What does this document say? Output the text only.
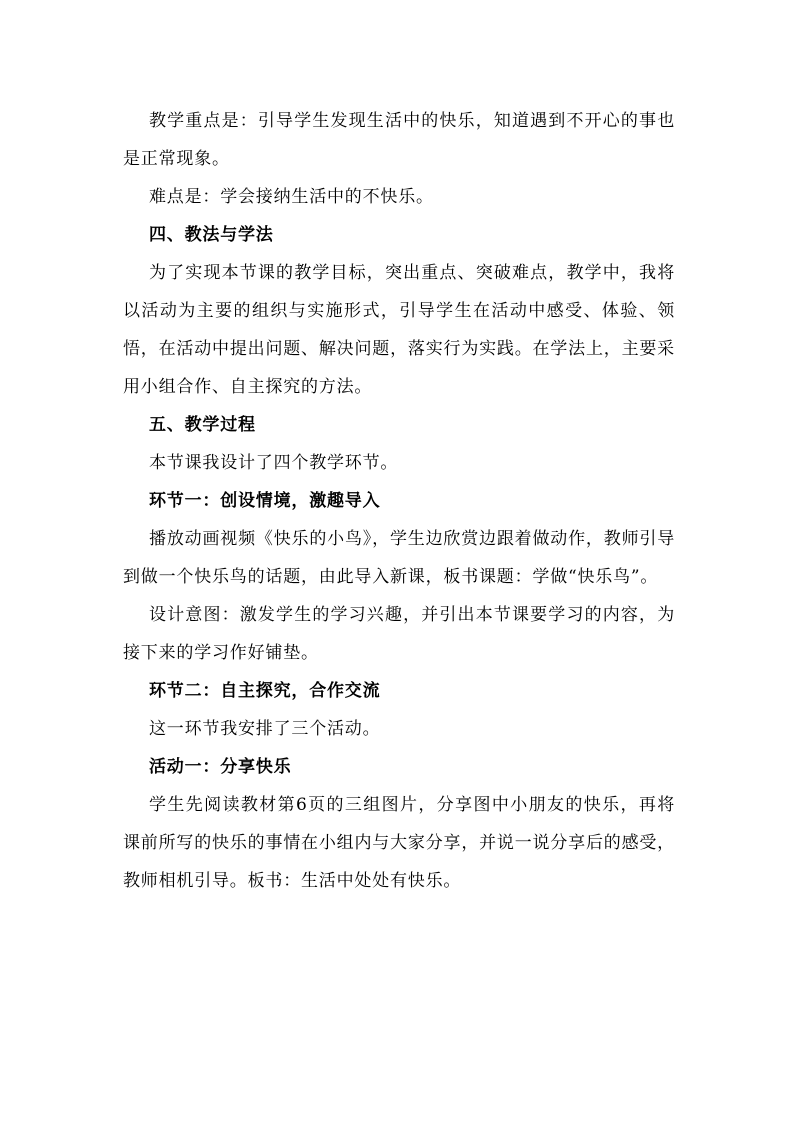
教学重点是：引导学生发现生活中的快乐，知道遇到不开心的事也是正常现象。

难点是：学会接纳生活中的不快乐。

四、教法与学法

为了实现本节课的教学目标，突出重点、突破难点，教学中，我将以活动为主要的组织与实施形式，引导学生在活动中感受、体验、领悟，在活动中提出问题、解决问题，落实行为实践。在学法上，主要采用小组合作、自主探究的方法。

五、教学过程

本节课我设计了四个教学环节。

环节一：创设情境，激趣导入

播放动画视频《快乐的小鸟》，学生边欣赏边跟着做动作，教师引导到做一个快乐鸟的话题，由此导入新课，板书课题：学做“快乐鸟”。

设计意图：激发学生的学习兴趣，并引出本节课要学习的内容，为接下来的学习作好铺垫。

环节二：自主探究，合作交流

这一环节我安排了三个活动。

活动一：分享快乐

学生先阅读教材第6页的三组图片，分享图中小朋友的快乐，再将课前所写的快乐的事情在小组内与大家分享，并说一说分享后的感受，教师相机引导。板书：生活中处处有快乐。
